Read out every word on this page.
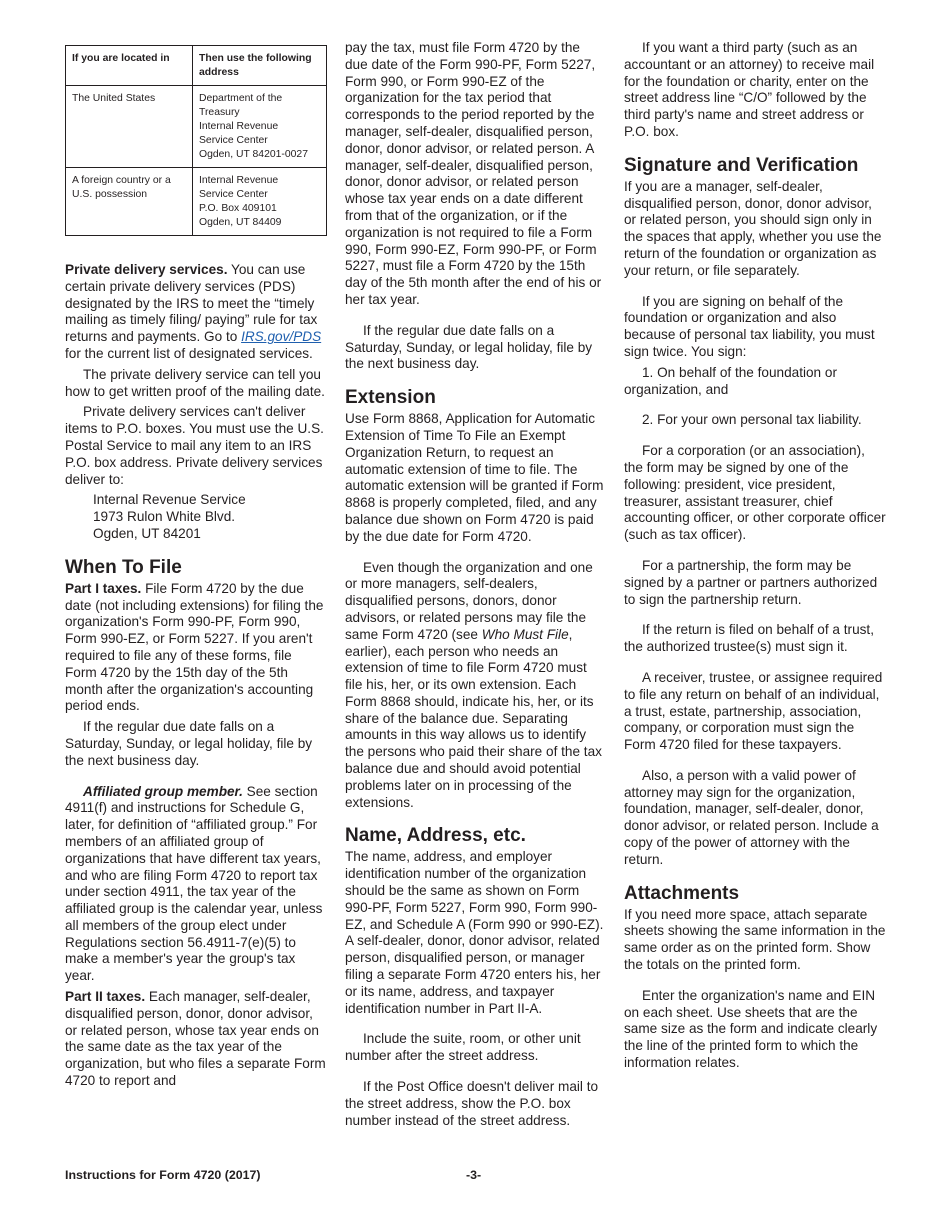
If you are located in	Then use the following address
The United States	Department of the
Treasury
Internal Revenue
Service Center
Ogden, UT 84201-0027

A foreign country or a U.S. possession	Internal Revenue
Service Center
P.O. Box 409101
Ogden, UT 84409

Private delivery services. You can use certain private delivery services (PDS) designated by the IRS to meet the “timely mailing as timely filing/ paying” rule for tax returns and payments. Go to IRS.gov/PDS for the current list of designated services.

The private delivery service can tell you how to get written proof of the mailing date.

Private delivery services can't deliver items to P.O. boxes. You must use the U.S. Postal Service to mail any item to an IRS P.O. box address. Private delivery services deliver to:

Internal Revenue Service
1973 Rulon White Blvd.
Ogden, UT 84201
When To File

Part I taxes. File Form 4720 by the due date (not including extensions) for filing the organization's Form 990-PF, Form 990, Form 990-EZ, or Form 5227. If you aren't required to file any of these forms, file Form 4720 by the 15th day of the 5th month after the organization's accounting period ends.

If the regular due date falls on a Saturday, Sunday, or legal holiday, file by the next business day.

Affiliated group member. See section 4911(f) and instructions for Schedule G, later, for definition of “affiliated group.” For members of an affiliated group of organizations that have different tax years, and who are filing Form 4720 to report tax under section 4911, the tax year of the affiliated group is the calendar year, unless all members of the group elect under Regulations section 56.4911-7(e)(5) to make a member's year the group's tax year.

Part II taxes. Each manager, self-dealer, disqualified person, donor, donor advisor, or related person, whose tax year ends on the same date as the tax year of the organization, but who files a separate Form 4720 to report and

pay the tax, must file Form 4720 by the due date of the Form 990-PF, Form 5227, Form 990, or Form 990-EZ of the organization for the tax period that corresponds to the period reported by the manager, self-dealer, disqualified person, donor, donor advisor, or related person. A manager, self-dealer, disqualified person, donor, donor advisor, or related person whose tax year ends on a date different from that of the organization, or if the organization is not required to file a Form 990, Form 990-EZ, Form 990-PF, or Form 5227, must file a Form 4720 by the 15th day of the 5th month after the end of his or her tax year.

If the regular due date falls on a Saturday, Sunday, or legal holiday, file by the next business day.

Extension

Use Form 8868, Application for Automatic Extension of Time To File an Exempt Organization Return, to request an automatic extension of time to file. The automatic extension will be granted if Form 8868 is properly completed, filed, and any balance due shown on Form 4720 is paid by the due date for Form 4720.

Even though the organization and one or more managers, self-dealers, disqualified persons, donors, donor advisors, or related persons may file the same Form 4720 (see Who Must File, earlier), each person who needs an extension of time to file Form 4720 must file his, her, or its own extension. Each Form 8868 should, indicate his, her, or its share of the balance due. Separating amounts in this way allows us to identify the persons who paid their share of the tax balance due and should avoid potential problems later on in processing of the extensions.

Name, Address, etc.

The name, address, and employer identification number of the organization should be the same as shown on Form 990-PF, Form 5227, Form 990, Form 990-EZ, and Schedule A (Form 990 or 990-EZ). A self-dealer, donor, donor advisor, related person, disqualified person, or manager filing a separate Form 4720 enters his, her or its name, address, and taxpayer identification number in Part II-A.

Include the suite, room, or other unit number after the street address.

If the Post Office doesn't deliver mail to the street address, show the P.O. box number instead of the street address.

If you want a third party (such as an accountant or an attorney) to receive mail for the foundation or charity, enter on the street address line “C/O” followed by the third party's name and street address or P.O. box.

Signature and Verification

If you are a manager, self-dealer, disqualified person, donor, donor advisor, or related person, you should sign only in the spaces that apply, whether you use the return of the foundation or organization as your return, or file separately.

If you are signing on behalf of the foundation or organization and also because of personal tax liability, you must sign twice. You sign:

1. On behalf of the foundation or organization, and

2. For your own personal tax liability.

For a corporation (or an association), the form may be signed by one of the following: president, vice president, treasurer, assistant treasurer, chief accounting officer, or other corporate officer (such as tax officer).

For a partnership, the form may be signed by a partner or partners authorized to sign the partnership return.

If the return is filed on behalf of a trust, the authorized trustee(s) must sign it.

A receiver, trustee, or assignee required to file any return on behalf of an individual, a trust, estate, partnership, association, company, or corporation must sign the Form 4720 filed for these taxpayers.

Also, a person with a valid power of attorney may sign for the organization, foundation, manager, self-dealer, donor, donor advisor, or related person. Include a copy of the power of attorney with the return.

Attachments

If you need more space, attach separate sheets showing the same information in the same order as on the printed form. Show the totals on the printed form.

Enter the organization's name and EIN on each sheet. Use sheets that are the same size as the form and indicate clearly the line of the printed form to which the information relates.

Instructions for Form 4720 (2017)	-3-
